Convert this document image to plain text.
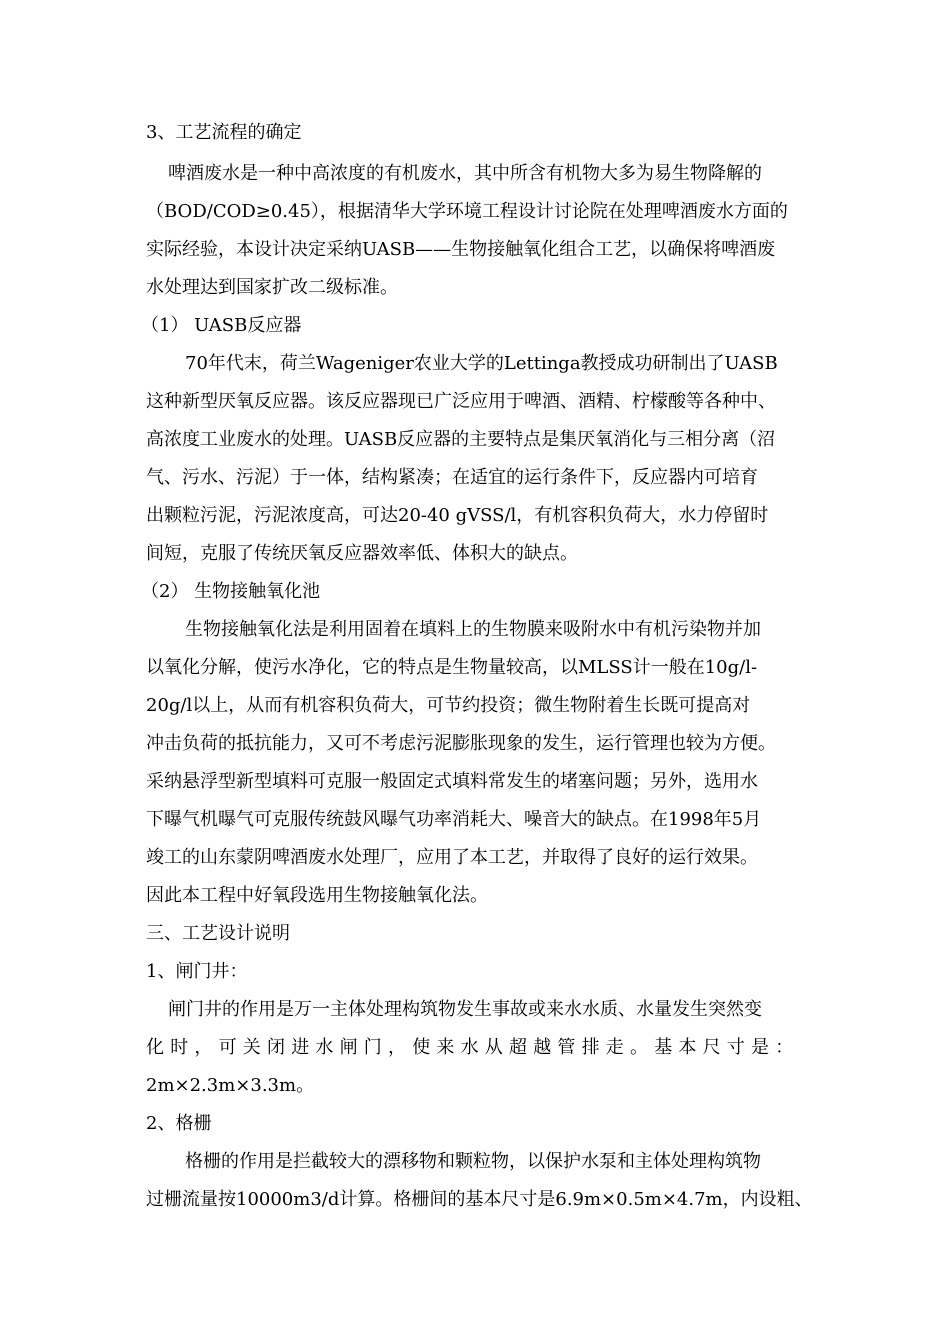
3、工艺流程的确定
啤酒废水是一种中高浓度的有机废水，其中所含有机物大多为易生物降解的
（BOD/COD≥0.45），根据清华大学环境工程设计讨论院在处理啤酒废水方面的
实际经验，本设计决定采纳UASB——生物接触氧化组合工艺，以确保将啤酒废
水处理达到国家扩改二级标准。
（1） UASB反应器
70年代末，荷兰Wageniger农业大学的Lettinga教授成功研制出了UASB
这种新型厌氧反应器。该反应器现已广泛应用于啤酒、酒精、柠檬酸等各种中、
高浓度工业废水的处理。UASB反应器的主要特点是集厌氧消化与三相分离（沼
气、污水、污泥）于一体，结构紧凑；在适宜的运行条件下，反应器内可培育
出颗粒污泥，污泥浓度高，可达20-40 gVSS/l，有机容积负荷大，水力停留时
间短，克服了传统厌氧反应器效率低、体积大的缺点。
（2） 生物接触氧化池
生物接触氧化法是利用固着在填料上的生物膜来吸附水中有机污染物并加
以氧化分解，使污水净化，它的特点是生物量较高，以MLSS计一般在10g/l-
20g/l以上，从而有机容积负荷大，可节约投资；微生物附着生长既可提高对
冲击负荷的抵抗能力，又可不考虑污泥膨胀现象的发生，运行管理也较为方便。
采纳悬浮型新型填料可克服一般固定式填料常发生的堵塞问题；另外，选用水
下曝气机曝气可克服传统鼓风曝气功率消耗大、噪音大的缺点。在1998年5月
竣工的山东蒙阴啤酒废水处理厂，应用了本工艺，并取得了良好的运行效果。
因此本工程中好氧段选用生物接触氧化法。
三、工艺设计说明
1、闸门井：
闸门井的作用是万一主体处理构筑物发生事故或来水水质、水量发生突然变
化时，可关闭进水闸门，使来水从超越管排走。基本尺寸是：
2m×2.3m×3.3m。
2、格栅
格栅的作用是拦截较大的漂移物和颗粒物，以保护水泵和主体处理构筑物
过栅流量按10000m3/d计算。格栅间的基本尺寸是6.9m×0.5m×4.7m，内设粗、
